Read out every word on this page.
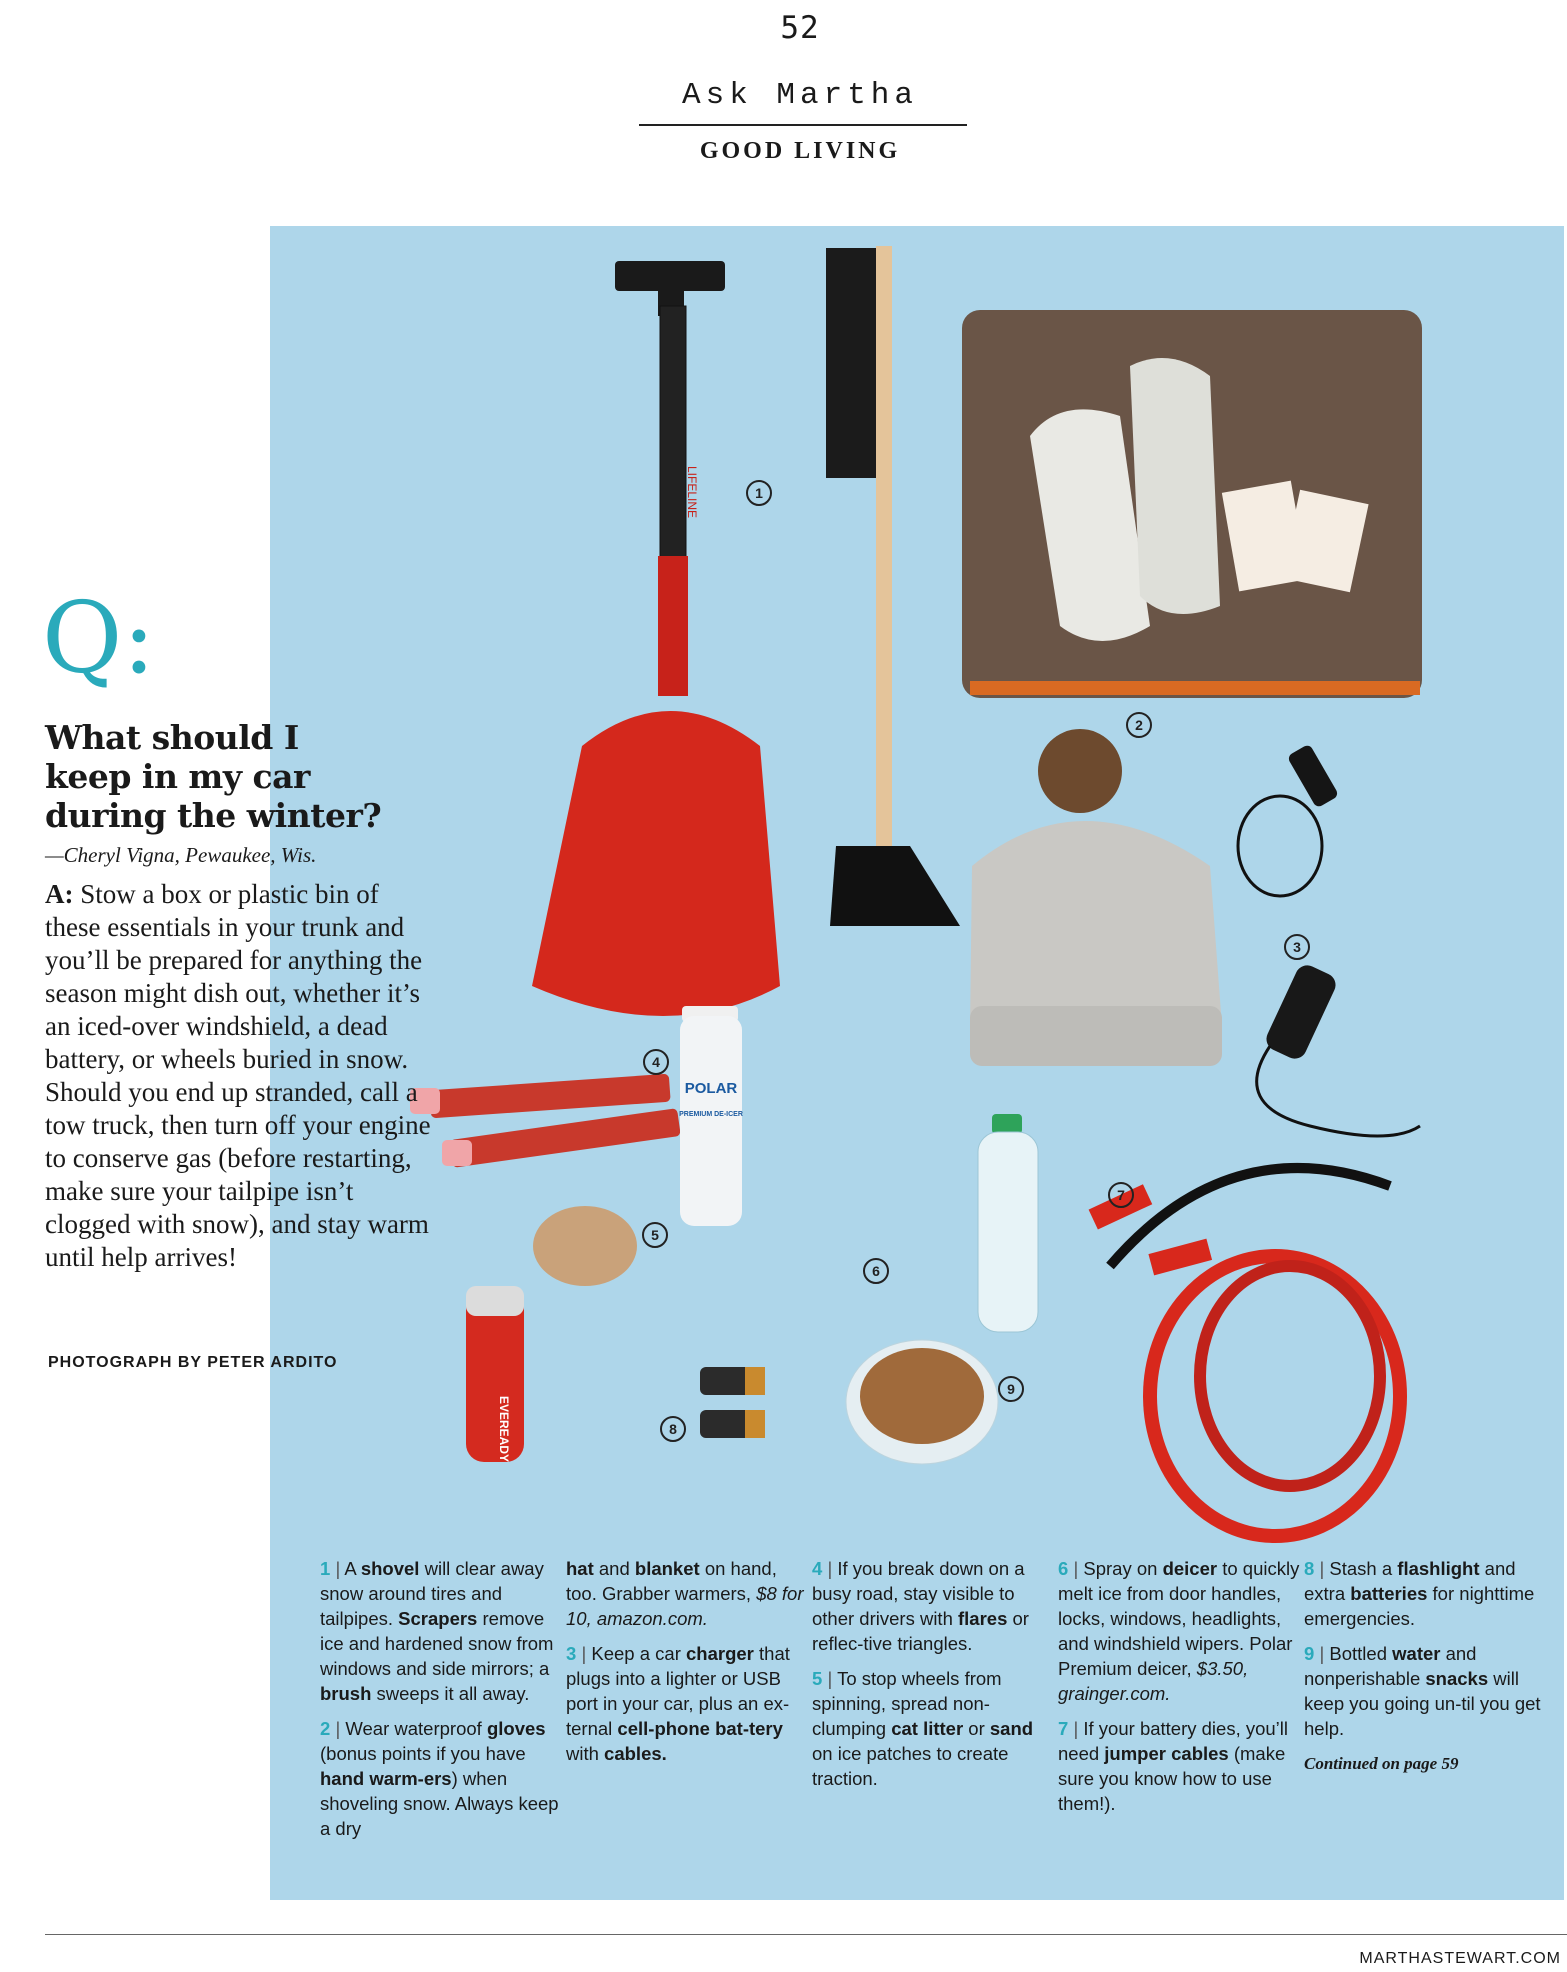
52
Ask Martha
GOOD LIVING
LIFELINE
POLAR
PREMIUM DE-ICER
EVEREADY
1
2
3
4
5
6
7
8
9
Q:
What should I keep in my car during the winter?
—Cheryl Vigna, Pewaukee, Wis.

A: Stow a box or plastic bin of these essentials in your trunk and you’ll be prepared for anything the season might dish out, whether it’s an iced-over windshield, a dead battery, or wheels buried in snow. Should you end up stranded, call a tow truck, then turn off your engine to conserve gas (before restarting, make sure your tailpipe isn’t clogged with snow), and stay warm until help arrives!

PHOTOGRAPH BY PETER ARDITO

1 | A shovel will clear away snow around tires and tailpipes. Scrapers remove ice and hardened snow from windows and side mirrors; a brush sweeps it all away.

2 | Wear waterproof gloves (bonus points if you have hand warm-ers) when shoveling snow. Always keep a dry

hat and blanket on hand, too. Grabber warmers, $8 for 10, amazon.com.

3 | Keep a car charger that plugs into a lighter or USB port in your car, plus an ex-ternal cell-phone bat-tery with cables.

4 | If you break down on a busy road, stay visible to other drivers with flares or reflec-tive triangles.

5 | To stop wheels from spinning, spread non-clumping cat litter or sand on ice patches to create traction.

6 | Spray on deicer to quickly melt ice from door handles, locks, windows, headlights, and windshield wipers. Polar Premium deicer, $3.50, grainger.com.

7 | If your battery dies, you’ll need jumper cables (make sure you know how to use them!).

8 | Stash a flashlight and extra batteries for nighttime emergencies.

9 | Bottled water and nonperishable snacks will keep you going un-til you get help.

Continued on page 59

MARTHASTEWART.COM
